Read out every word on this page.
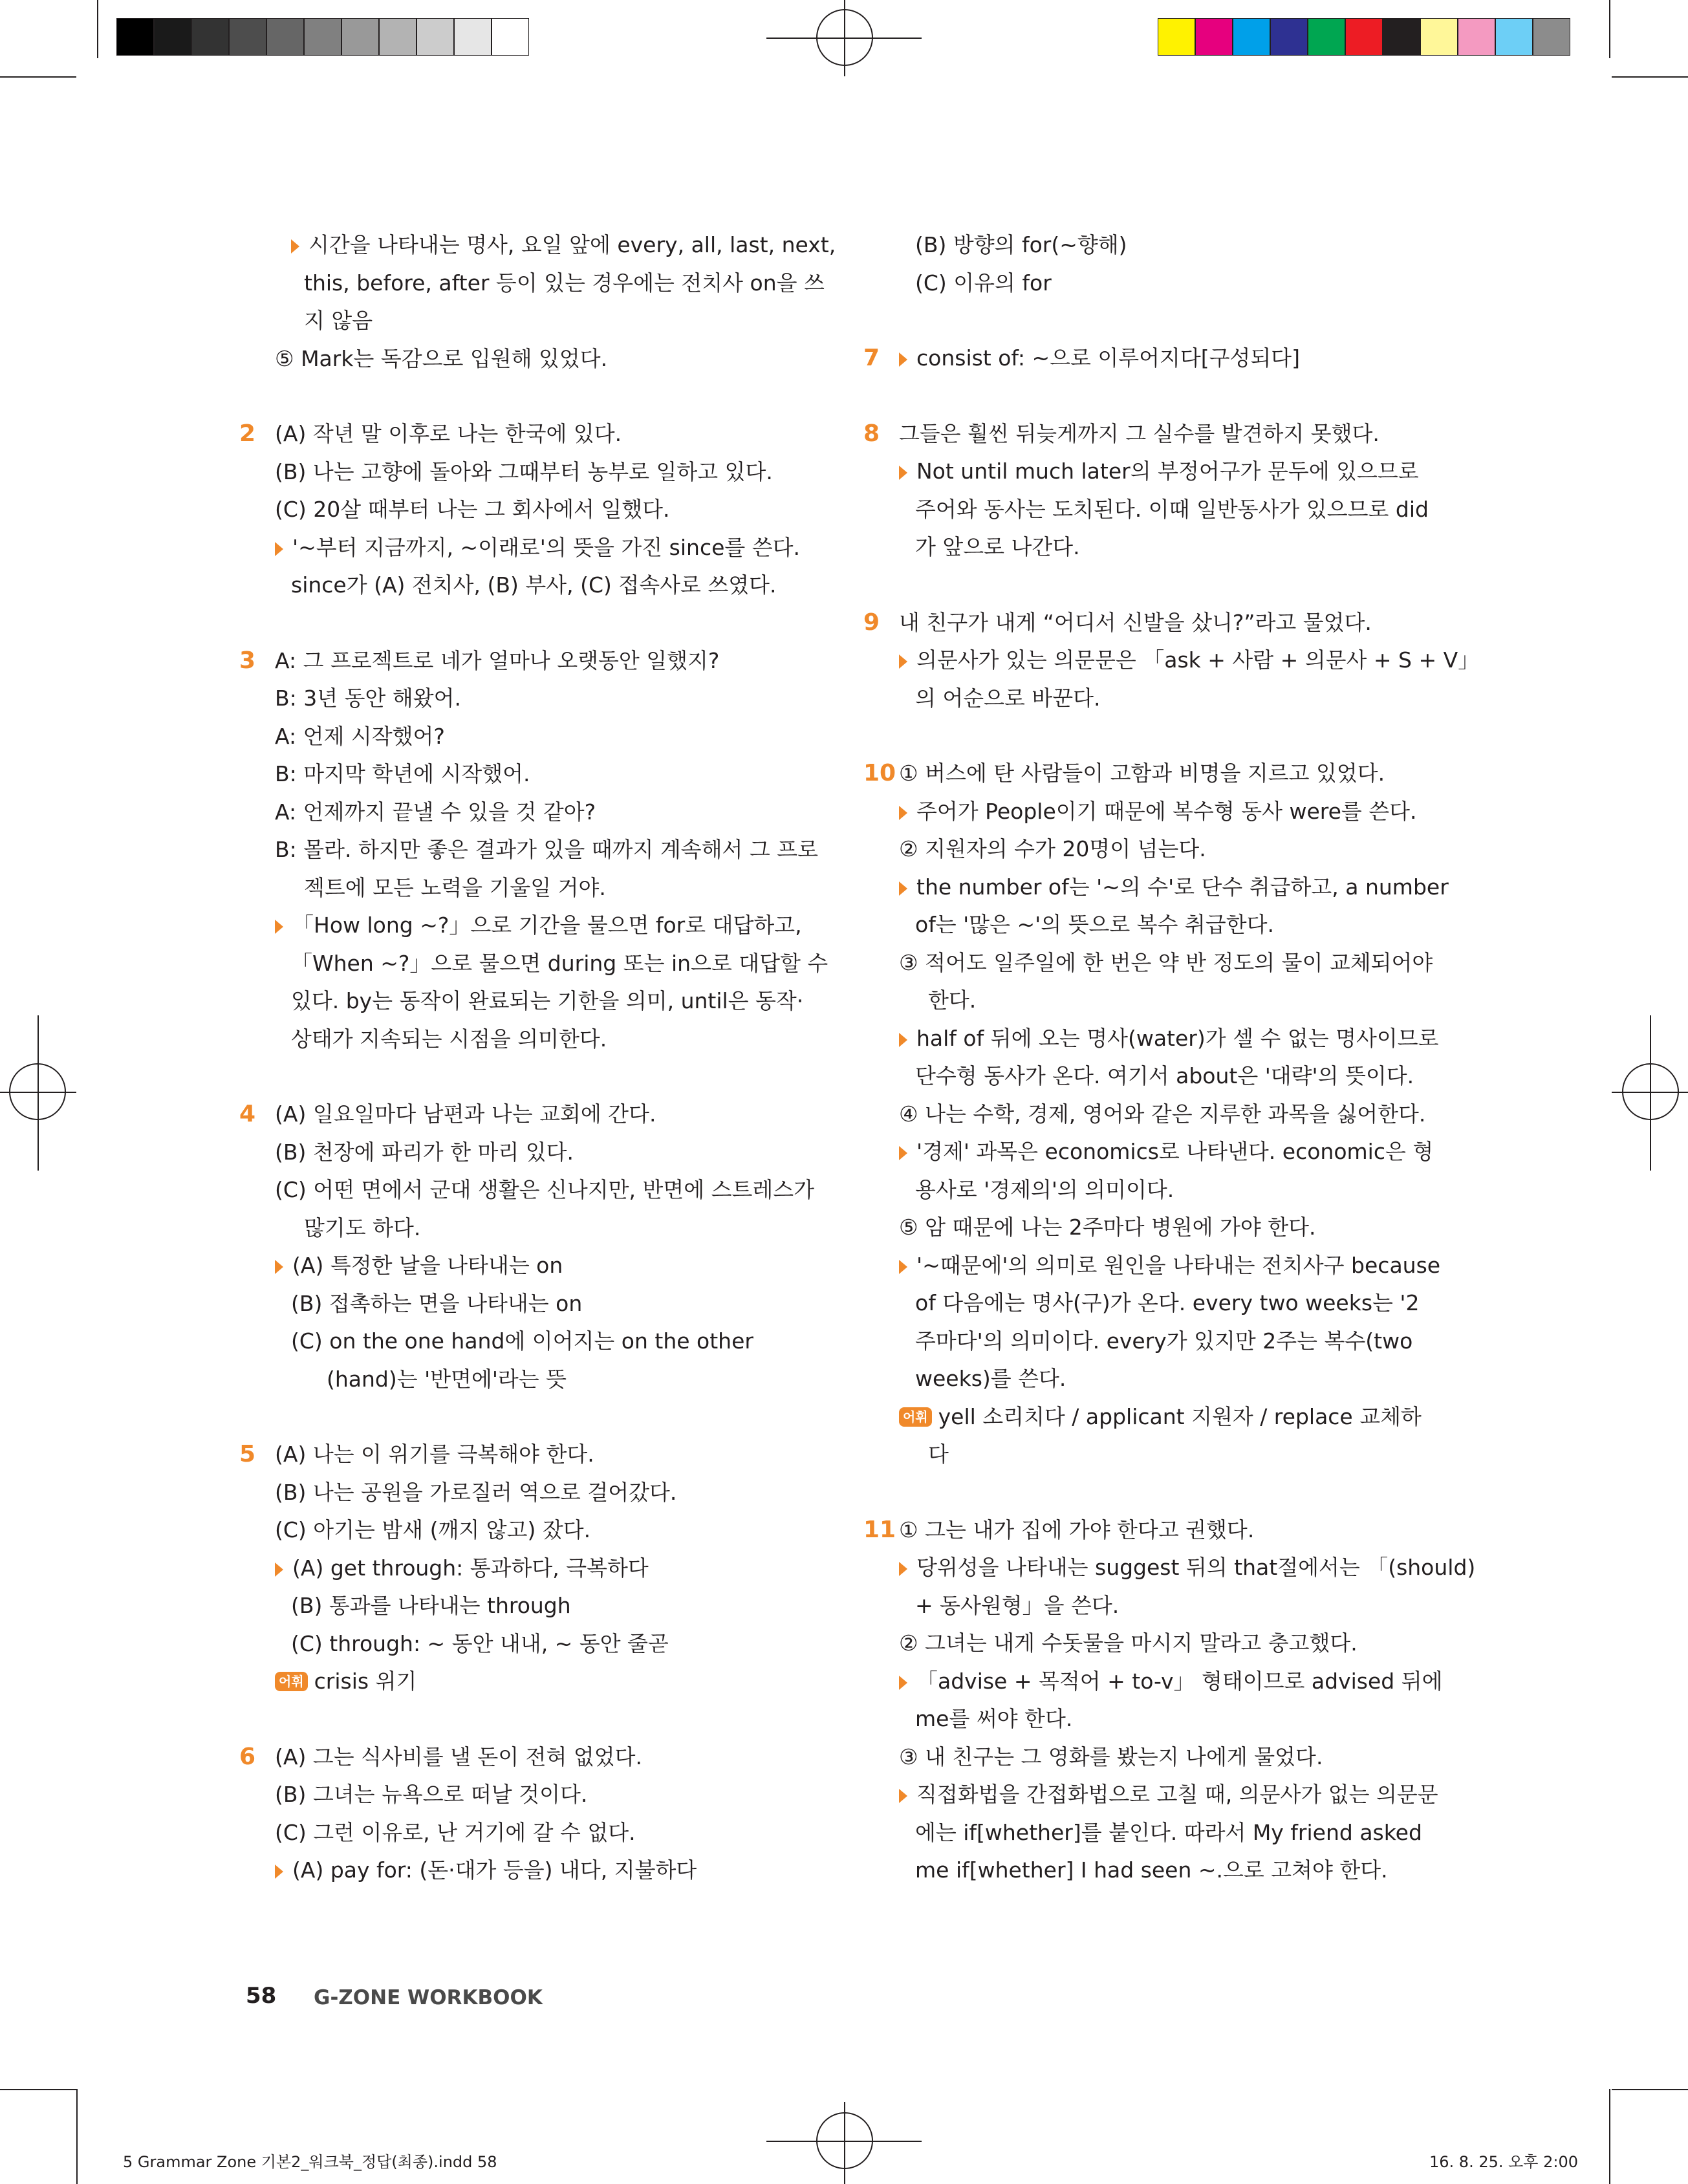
시간을 나타내는 명사, 요일 앞에 every, all, last, next,
this, before, after 등이 있는 경우에는 전치사 on을 쓰
지 않음
⑤ Mark는 독감으로 입원해 있었다.
2 (A) 작년 말 이후로 나는 한국에 있다.
(B) 나는 고향에 돌아와 그때부터 농부로 일하고 있다.
(C) 20살 때부터 나는 그 회사에서 일했다.
'~부터 지금까지, ~이래로'의 뜻을 가진 since를 쓴다.
since가 (A) 전치사, (B) 부사, (C) 접속사로 쓰였다.
3 A: 그 프로젝트로 네가 얼마나 오랫동안 일했지?
B: 3년 동안 해왔어.
A: 언제 시작했어?
B: 마지막 학년에 시작했어.
A: 언제까지 끝낼 수 있을 것 같아?
B: 몰라. 하지만 좋은 결과가 있을 때까지 계속해서 그 프로
젝트에 모든 노력을 기울일 거야.
「How long ~?」으로 기간을 물으면 for로 대답하고,
「When ~?」으로 물으면 during 또는 in으로 대답할 수
있다. by는 동작이 완료되는 기한을 의미, until은 동작·
상태가 지속되는 시점을 의미한다.
4 (A) 일요일마다 남편과 나는 교회에 간다.
(B) 천장에 파리가 한 마리 있다.
(C) 어떤 면에서 군대 생활은 신나지만, 반면에 스트레스가
많기도 하다.
(A) 특정한 날을 나타내는 on
(B) 접촉하는 면을 나타내는 on
(C) on the one hand에 이어지는 on the other
(hand)는 '반면에'라는 뜻
5 (A) 나는 이 위기를 극복해야 한다.
(B) 나는 공원을 가로질러 역으로 걸어갔다.
(C) 아기는 밤새 (깨지 않고) 잤다.
(A) get through: 통과하다, 극복하다
(B) 통과를 나타내는 through
(C) through: ~ 동안 내내, ~ 동안 줄곧
어휘 crisis 위기
6 (A) 그는 식사비를 낼 돈이 전혀 없었다.
(B) 그녀는 뉴욕으로 떠날 것이다.
(C) 그런 이유로, 난 거기에 갈 수 없다.
(A) pay for: (돈·대가 등을) 내다, 지불하다
(B) 방향의 for(~향해)
(C) 이유의 for
7	consist of: ~으로 이루어지다[구성되다]
8 그들은 훨씬 뒤늦게까지 그 실수를 발견하지 못했다.
Not until much later의 부정어구가 문두에 있으므로
주어와 동사는 도치된다. 이때 일반동사가 있으므로 did
가 앞으로 나간다.
9 내 친구가 내게 “어디서 신발을 샀니?”라고 물었다.
의문사가 있는 의문문은 「ask + 사람 + 의문사 + S + V」
의 어순으로 바꾼다.
10 ① 버스에 탄 사람들이 고함과 비명을 지르고 있었다.
주어가 People이기 때문에 복수형 동사 were를 쓴다.
② 지원자의 수가 20명이 넘는다.
the number of는 '~의 수'로 단수 취급하고, a number
of는 '많은 ~'의 뜻으로 복수 취급한다.
③ 적어도 일주일에 한 번은 약 반 정도의 물이 교체되어야
한다.
half of 뒤에 오는 명사(water)가 셀 수 없는 명사이므로
단수형 동사가 온다. 여기서 about은 '대략'의 뜻이다.
④ 나는 수학, 경제, 영어와 같은 지루한 과목을 싫어한다.
'경제' 과목은 economics로 나타낸다. economic은 형
용사로 '경제의'의 의미이다.
⑤ 암 때문에 나는 2주마다 병원에 가야 한다.
'~때문에'의 의미로 원인을 나타내는 전치사구 because
of 다음에는 명사(구)가 온다. every two weeks는 '2
주마다'의 의미이다. every가 있지만 2주는 복수(two
weeks)를 쓴다.
어휘 yell 소리치다 / applicant 지원자 / replace 교체하
다
11 ① 그는 내가 집에 가야 한다고 권했다.
당위성을 나타내는 suggest 뒤의 that절에서는 「(should)
+ 동사원형」을 쓴다.
② 그녀는 내게 수돗물을 마시지 말라고 충고했다.
「advise + 목적어 + to-v」 형태이므로 advised 뒤에
me를 써야 한다.
③ 내 친구는 그 영화를 봤는지 나에게 물었다.
직접화법을 간접화법으로 고칠 때, 의문사가 없는 의문문
에는 if[whether]를 붙인다. 따라서 My friend asked
me if[whether] I had seen ~.으로 고쳐야 한다.
58 G-ZONE WORKBOOK
5 Grammar Zone 기본2_워크북_정답(최종).indd 58	16. 8. 25. 오후 2:00
